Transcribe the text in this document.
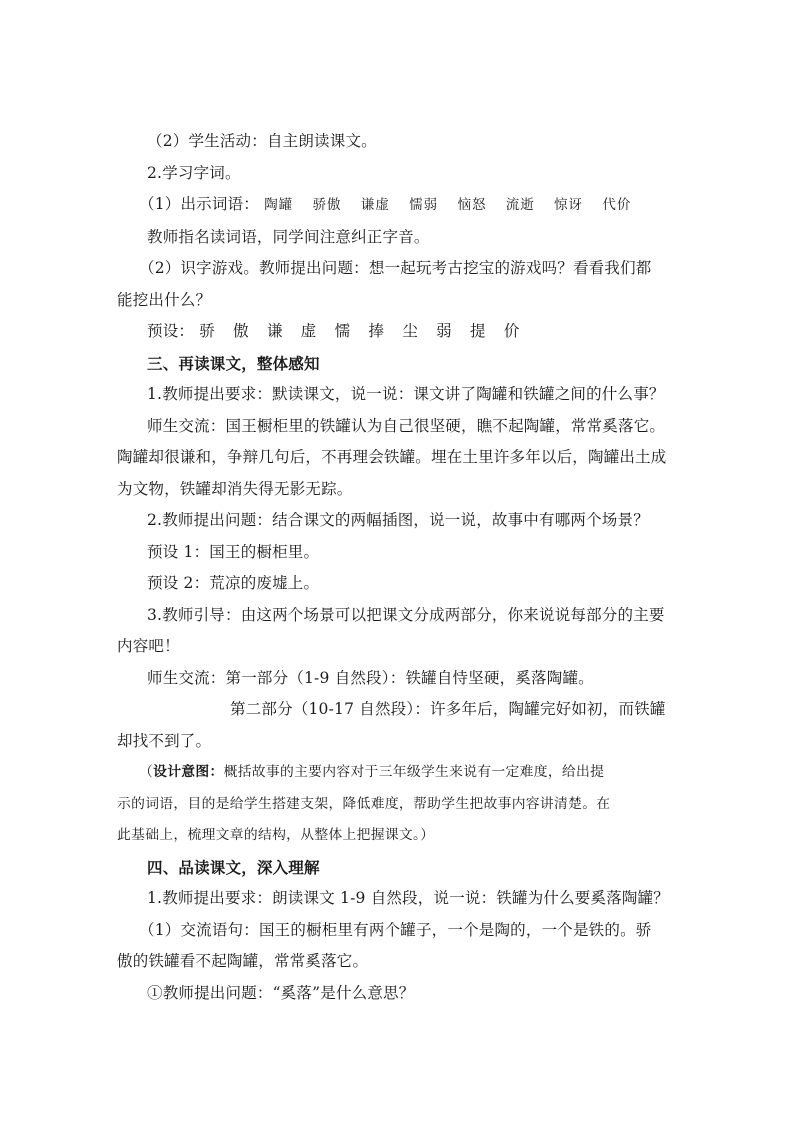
（2）学生活动：自主朗读课文。
2.学习字词。
（1）出示词语： 陶罐 骄傲 谦虚 懦弱 恼怒 流逝 惊讶 代价
教师指名读词语，同学间注意纠正字音。
（2）识字游戏。教师提出问题：想一起玩考古挖宝的游戏吗？看看我们都
能挖出什么？
预设： 骄 傲 谦 虚 懦 捧 尘 弱 提 价
三、再读课文，整体感知
1.教师提出要求：默读课文，说一说：课文讲了陶罐和铁罐之间的什么事？
师生交流：国王橱柜里的铁罐认为自己很坚硬，瞧不起陶罐，常常奚落它。
陶罐却很谦和，争辩几句后，不再理会铁罐。埋在土里许多年以后，陶罐出土成
为文物，铁罐却消失得无影无踪。
2.教师提出问题：结合课文的两幅插图，说一说，故事中有哪两个场景？
预设 1：国王的橱柜里。
预设 2：荒凉的废墟上。
3.教师引导：由这两个场景可以把课文分成两部分，你来说说每部分的主要
内容吧！
师生交流：第一部分（1-9 自然段）：铁罐自恃坚硬，奚落陶罐。
第二部分（10-17 自然段）：许多年后，陶罐完好如初，而铁罐
却找不到了。
（设计意图：概括故事的主要内容对于三年级学生来说有一定难度，给出提
示的词语，目的是给学生搭建支架，降低难度，帮助学生把故事内容讲清楚。在
此基础上，梳理文章的结构，从整体上把握课文。）
四、品读课文，深入理解
1.教师提出要求：朗读课文 1-9 自然段，说一说：铁罐为什么要奚落陶罐？
（1）交流语句：国王的橱柜里有两个罐子，一个是陶的，一个是铁的。骄
傲的铁罐看不起陶罐，常常奚落它。
①教师提出问题：“奚落”是什么意思？
